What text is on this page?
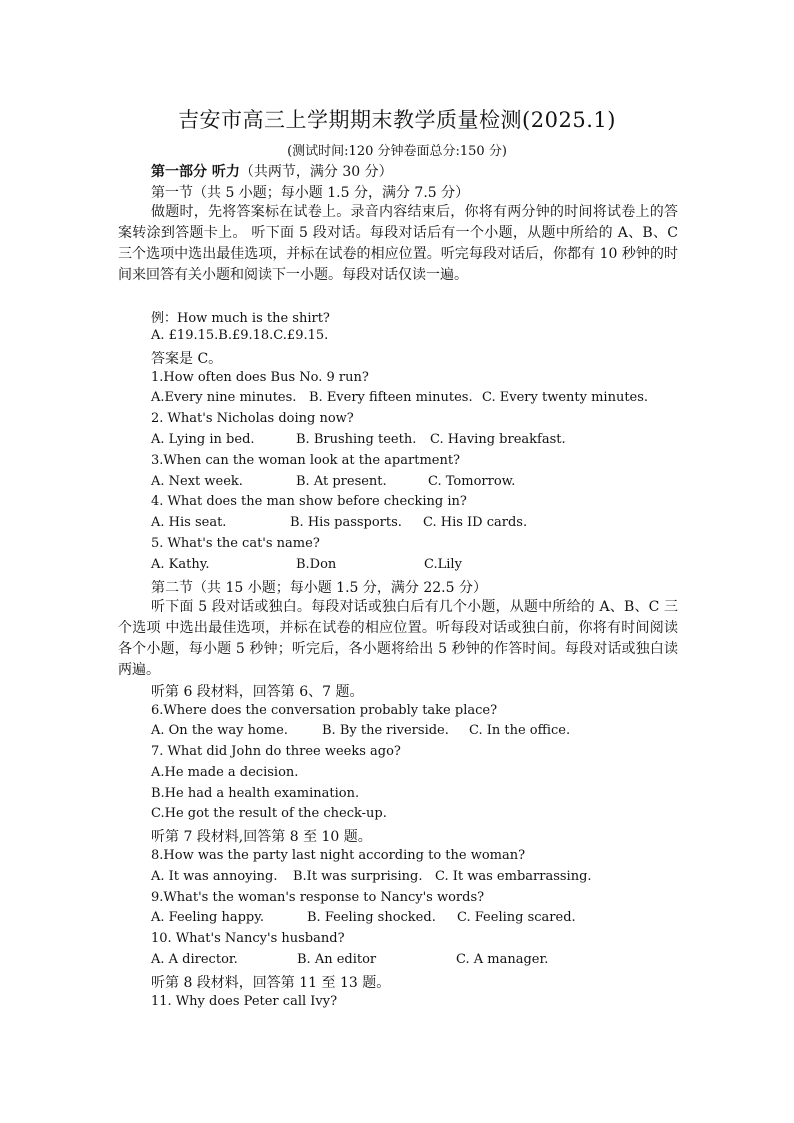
吉安市高三上学期期末教学质量检测(2025.1)
(测试时间:120 分钟卷面总分:150 分)
第一部分 听力（共两节，满分 30 分）
第一节（共 5 小题；每小题 1.5 分，满分 7.5 分）
做题时，先将答案标在试卷上。录音内容结束后，你将有两分钟的时间将试卷上的答案转涂到答题卡上。 听下面 5 段对话。每段对话后有一个小题，从题中所给的 A、B、C 三个选项中选出最佳选项，并标在试卷的相应位置。听完每段对话后，你都有 10 秒钟的时间来回答有关小题和阅读下一小题。每段对话仅读一遍。
例：How much is the shirt?
A. £19.15.B.£9.18.C.£9.15.
答案是 C。
1.How often does Bus No. 9 run?
A.Every nine minutes. B. Every fifteen minutes. C. Every twenty minutes.
2. What's Nicholas doing now?
A. Lying in bed.	B. Brushing teeth. C. Having breakfast.
3.When can the woman look at the apartment?
A. Next week.	B. At present.	C. Tomorrow.
4. What does the man show before checking in?
A. His seat.	B. His passports. C. His ID cards.
5. What's the cat's name?
A. Kathy.	B.Don	C.Lily
第二节（共 15 小题；每小题 1.5 分，满分 22.5 分）
听下面 5 段对话或独白。每段对话或独白后有几个小题，从题中所给的 A、B、C 三个选项 中选出最佳选项，并标在试卷的相应位置。听每段对话或独白前，你将有时间阅读各个小题，每小题 5 秒钟；听完后，各小题将给出 5 秒钟的作答时间。每段对话或独白读两遍。
听第 6 段材料，回答第 6、7 题。
6.Where does the conversation probably take place?
A. On the way home.	B. By the riverside. C. In the office.
7. What did John do three weeks ago?
A.He made a decision.
B.He had a health examination.
C.He got the result of the check-up.
听第 7 段材料,回答第 8 至 10 题。
8.How was the party last night according to the woman?
A. It was annoying. B.It was surprising. C. It was embarrassing.
9.What's the woman's response to Nancy's words?
A. Feeling happy.	B. Feeling shocked. C. Feeling scared.
10. What's Nancy's husband?
A. A director.	B. An editor	C. A manager.
听第 8 段材料，回答第 11 至 13 题。
11. Why does Peter call Ivy?
